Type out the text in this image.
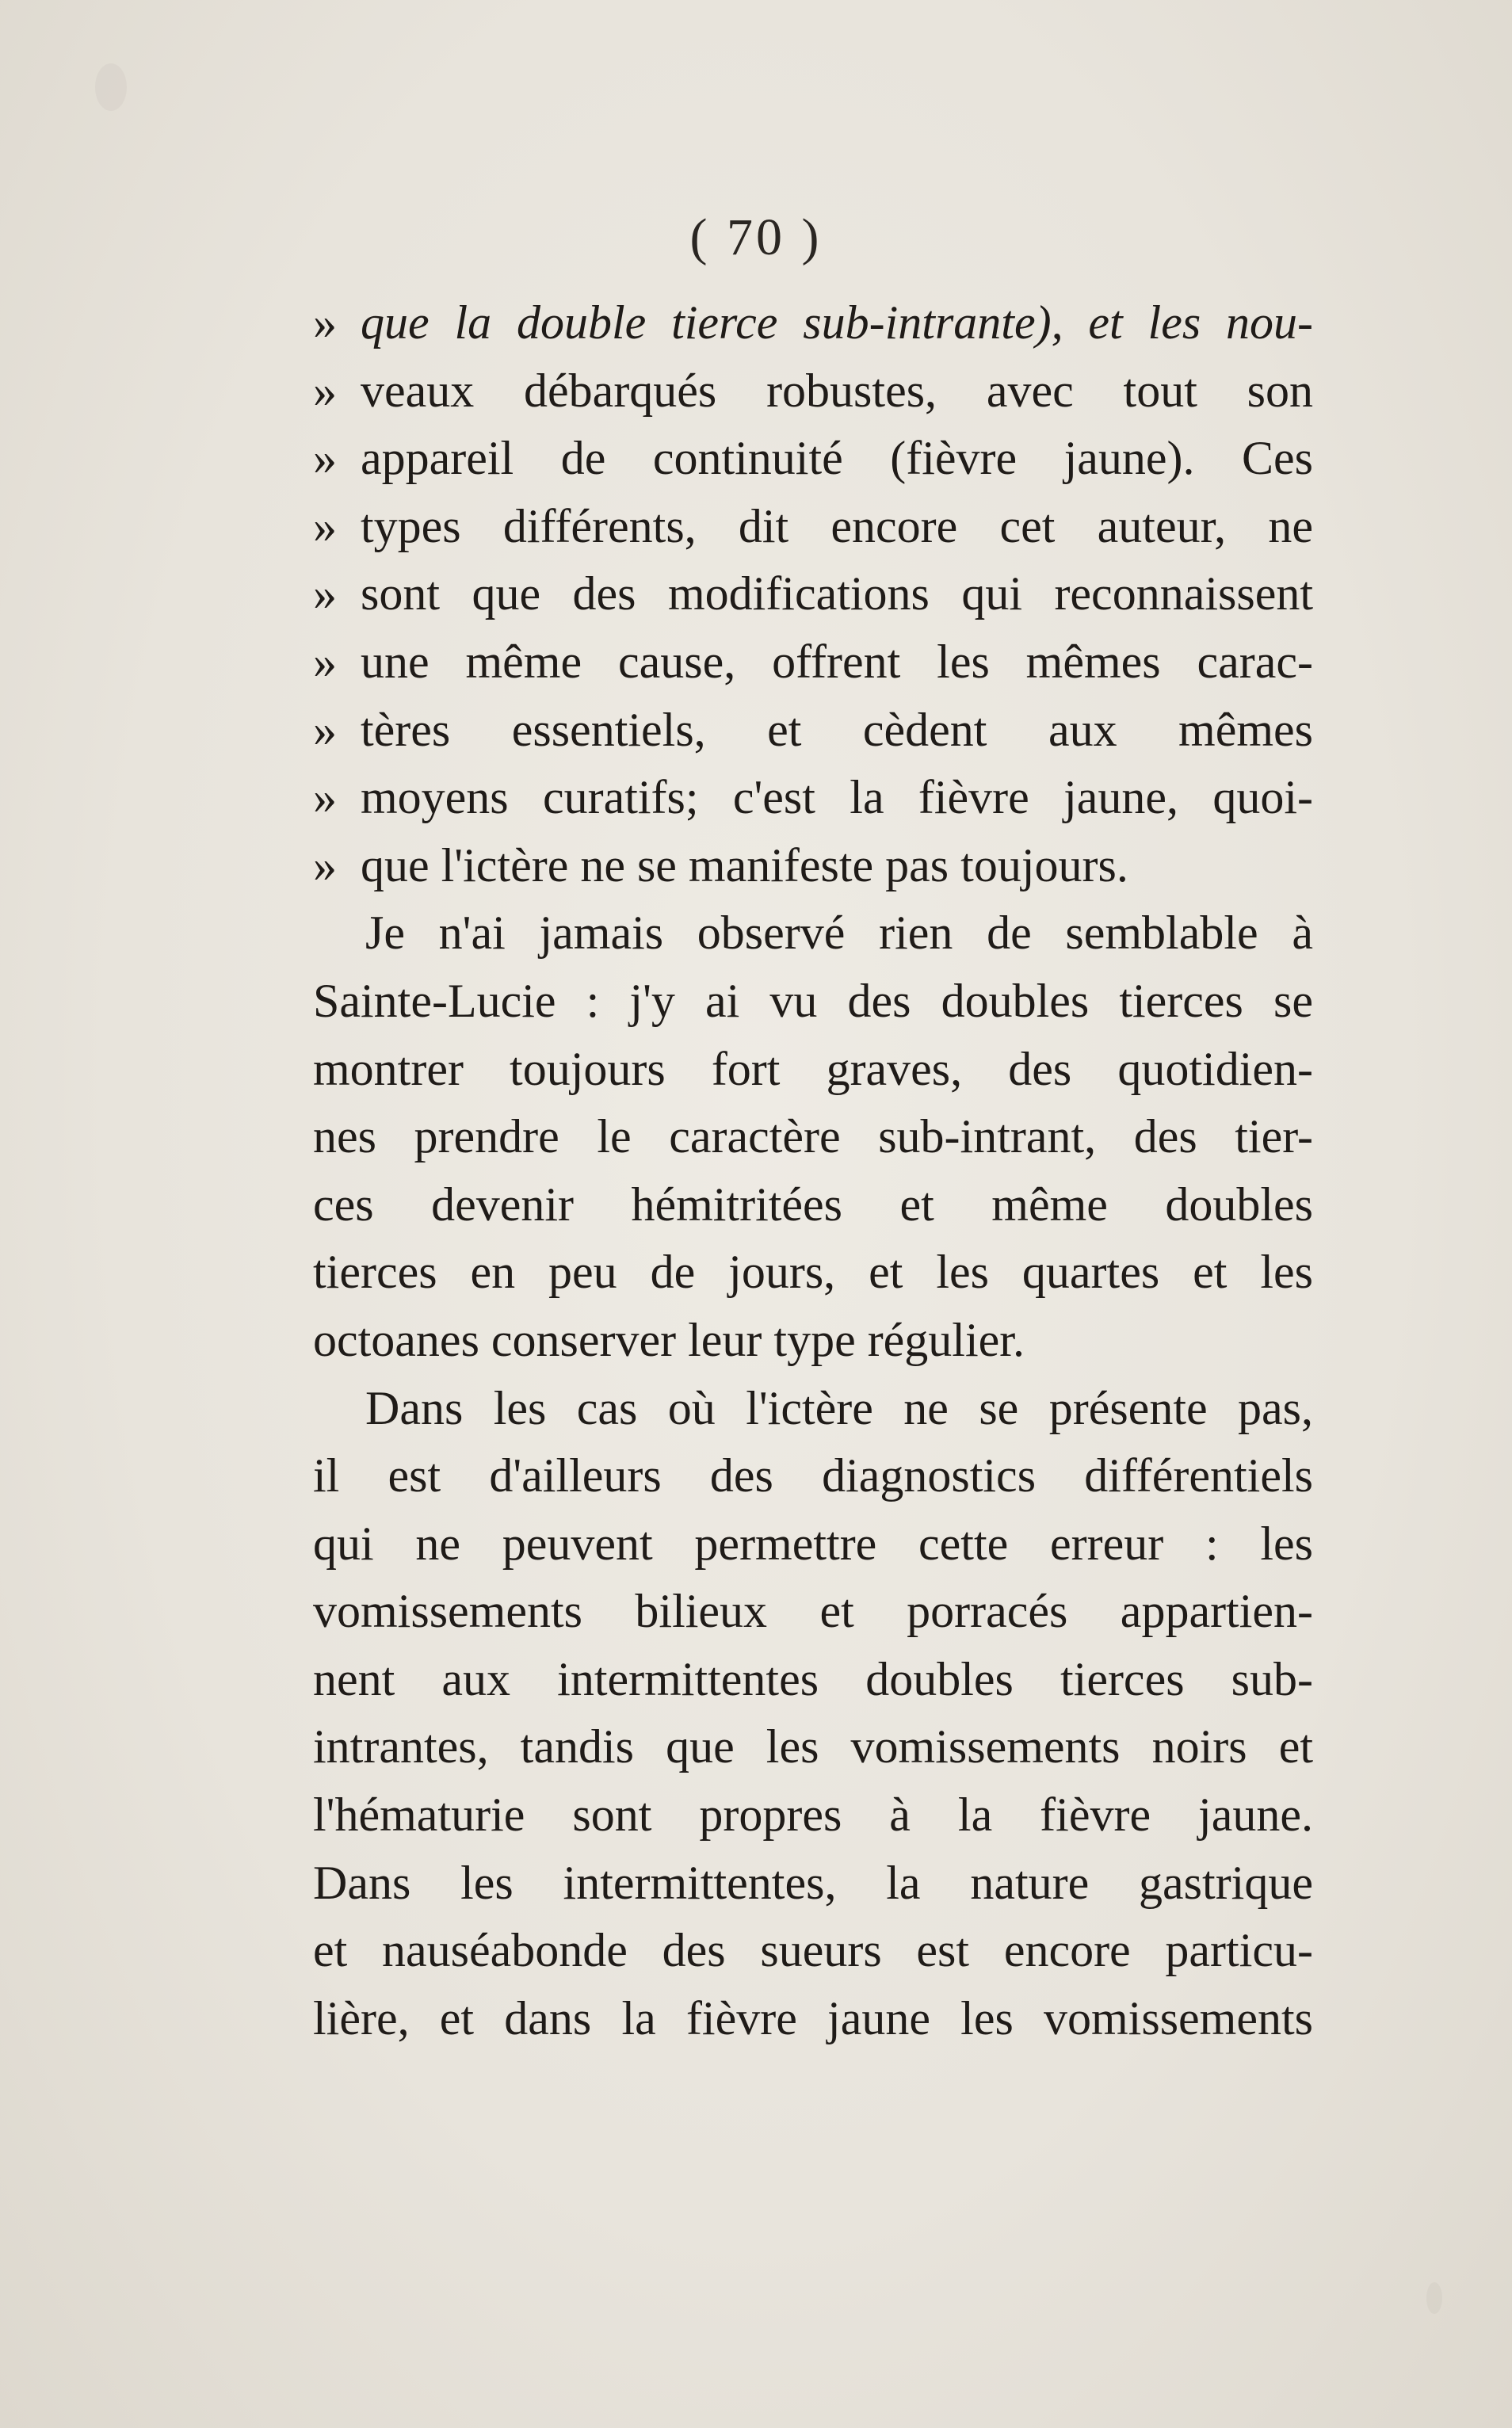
( 70 )
» que la double tierce sub-intrante), et les nou-
» veaux débarqués robustes, avec tout son
» appareil de continuité (fièvre jaune). Ces
» types différents, dit encore cet auteur, ne
» sont que des modifications qui reconnaissent
» une même cause, offrent les mêmes carac-
» tères essentiels, et cèdent aux mêmes
» moyens curatifs; c'est la fièvre jaune, quoi-
» que l'ictère ne se manifeste pas toujours.
Je n'ai jamais observé rien de semblable à
Sainte-Lucie : j'y ai vu des doubles tierces se
montrer toujours fort graves, des quotidien-
nes prendre le caractère sub-intrant, des tier-
ces devenir hémitritées et même doubles
tierces en peu de jours, et les quartes et les
octoanes conserver leur type régulier.
Dans les cas où l'ictère ne se présente pas,
il est d'ailleurs des diagnostics différentiels
qui ne peuvent permettre cette erreur : les
vomissements bilieux et porracés appartien-
nent aux intermittentes doubles tierces sub-
intrantes, tandis que les vomissements noirs et
l'hématurie sont propres à la fièvre jaune.
Dans les intermittentes, la nature gastrique
et nauséabonde des sueurs est encore particu-
lière, et dans la fièvre jaune les vomissements
